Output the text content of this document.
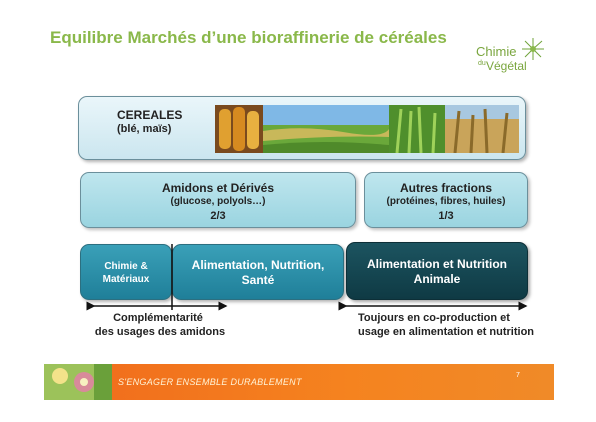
Equilibre Marchés d’une bioraffinerie de céréales
Chimie
du Végétal
CEREALES
(blé, maïs)
Amidons et Dérivés
(glucose, polyols…)
2/3
Autres fractions
(protéines, fibres, huiles)
1/3
Chimie &
Matériaux
Alimentation, Nutrition,
Santé
Alimentation et Nutrition
Animale
Complémentarité
des usages des amidons
Toujours en co-production et
usage en alimentation et nutrition
S'ENGAGER ENSEMBLE DURABLEMENT
7
